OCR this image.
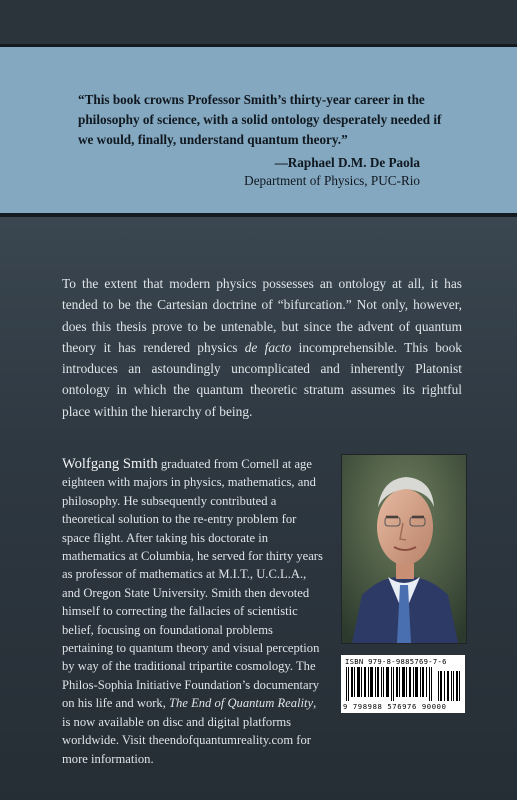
“This book crowns Professor Smith’s thirty-year career in the philosophy of science, with a solid ontology desperately needed if we would, finally, understand quantum theory.”

—Raphael D.M. De Paola

Department of Physics, PUC-Rio

To the extent that modern physics possesses an ontology at all, it has tended to be the Cartesian doctrine of “bifurcation.” Not only, however, does this thesis prove to be untenable, but since the advent of quantum theory it has rendered physics de facto incomprehensible. This book introduces an astoundingly uncomplicated and inherently Platonist ontology in which the quantum theoretic stratum assumes its rightful place within the hierarchy of being.

Wolfgang Smith graduated from Cornell at age eighteen with majors in physics, mathematics, and philosophy. He subsequently contributed a theoretical solution to the re-entry problem for space flight. After taking his doctorate in mathematics at Columbia, he served for thirty years as professor of mathematics at M.I.T., U.C.L.A., and Oregon State University. Smith then devoted himself to correcting the fallacies of scientistic belief, focusing on foundational problems pertaining to quantum theory and visual perception by way of the traditional tripartite cosmology. The Philos-Sophia Initiative Foundation’s documentary on his life and work, The End of Quantum Reality, is now available on disc and digital platforms worldwide. Visit theendofquantumreality.com for more information.

ISBN 979-8-9885769-7-6
9 798988 576976 90000
